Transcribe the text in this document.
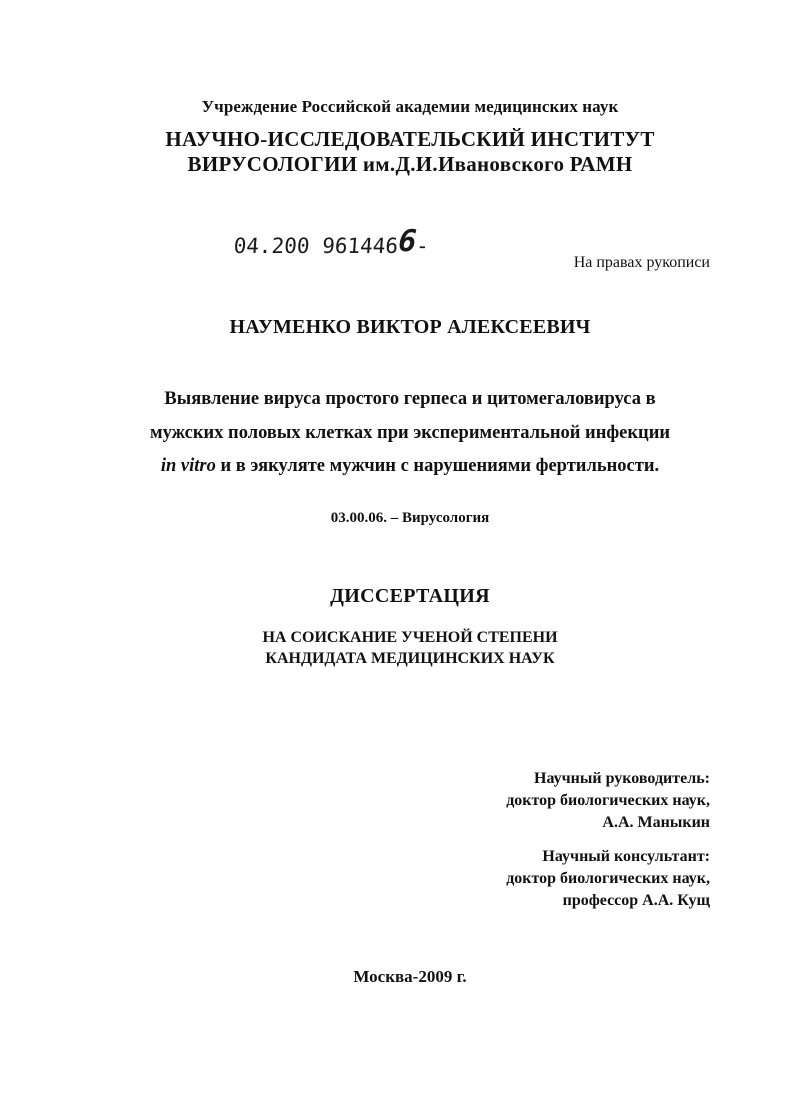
Учреждение Российской академии медицинских наук
НАУЧНО-ИССЛЕДОВАТЕЛЬСКИЙ ИНСТИТУТ
ВИРУСОЛОГИИ им.Д.И.Ивановского РАМН
04.200 9614466-
На правах рукописи
НАУМЕНКО ВИКТОР АЛЕКСЕЕВИЧ
Выявление вируса простого герпеса и цитомегаловируса в
мужских половых клетках при экспериментальной инфекции
in vitro и в эякуляте мужчин с нарушениями фертильности.
03.00.06. – Вирусология
ДИССЕРТАЦИЯ
НА СОИСКАНИЕ УЧЕНОЙ СТЕПЕНИ
КАНДИДАТА МЕДИЦИНСКИХ НАУК
Научный руководитель:
доктор биологических наук,
А.А. Маныкин
Научный консультант:
доктор биологических наук,
профессор А.А. Кущ
Москва-2009 г.
